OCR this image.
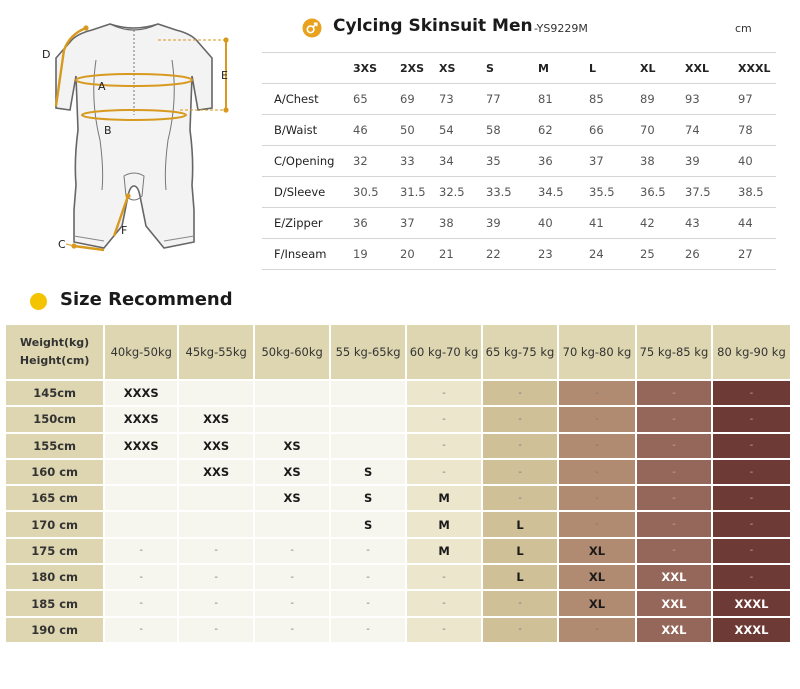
A
B
C
D
E
F
Cylcing Skinsuit Men -YS9229M	cm
	3XS	2XS	XS	S	M	L	XL	XXL	XXXL
A/Chest	65	69	73	77	81	85	89	93	97
B/Waist	46	50	54	58	62	66	70	74	78
C/Opening	32	33	34	35	36	37	38	39	40
D/Sleeve	30.5	31.5	32.5	33.5	34.5	35.5	36.5	37.5	38.5
E/Zipper	36	37	38	39	40	41	42	43	44
F/Inseam	19	20	21	22	23	24	25	26	27
Size Recommend
Weight(kg)
Height(cm)	40kg-50kg	45kg-55kg	50kg-60kg	55 kg-65kg	60 kg-70 kg	65 kg-75 kg	70 kg-80 kg	75 kg-85 kg	80 kg-90 kg
145cm	XXXS				-	-	-	-	-
150cm	XXXS	XXS			-	-	-	-	-
155cm	XXXS	XXS	XS		-	-	-	-	-
160 cm		XXS	XS	S	-	-	-	-	-
165 cm			XS	S	M	-	-	-	-
170 cm				S	M	L	-	-	-
175 cm	-	-	-	-	M	L	XL	-	-
180 cm	-	-	-	-	-	L	XL	XXL	-
185 cm	-	-	-	-	-	-	XL	XXL	XXXL
190 cm	-	-	-	-	-	-	-	XXL	XXXL
